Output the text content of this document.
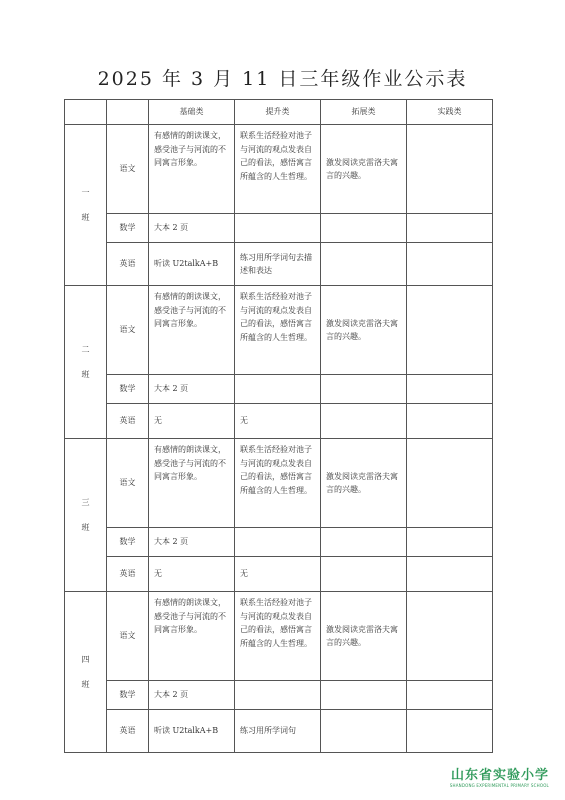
2025 年 3 月 11 日三年级作业公示表
		基础类	提升类	拓展类	实践类

一
班	语文	有感情的朗读课文，感受池子与河流的不同寓言形象。	联系生活经验对池子与河流的观点发表自己的看法，感悟寓言所蕴含的人生哲理。	激发阅读克雷洛夫寓言的兴趣。	
	数学	大本 2 页			
	英语	听读 U2talkA+B	练习用所学词句去描述和表达		

二
班	语文	有感情的朗读课文，感受池子与河流的不同寓言形象。	联系生活经验对池子与河流的观点发表自己的看法，感悟寓言所蕴含的人生哲理。	激发阅读克雷洛夫寓言的兴趣。	
	数学	大本 2 页			
	英语	无	无		

三
班	语文	有感情的朗读课文，感受池子与河流的不同寓言形象。	联系生活经验对池子与河流的观点发表自己的看法，感悟寓言所蕴含的人生哲理。	激发阅读克雷洛夫寓言的兴趣。	
	数学	大本 2 页			
	英语	无	无		

四
班	语文	有感情的朗读课文，感受池子与河流的不同寓言形象。	联系生活经验对池子与河流的观点发表自己的看法，感悟寓言所蕴含的人生哲理。	激发阅读克雷洛夫寓言的兴趣。	
	数学	大本 2 页			
	英语	听读 U2talkA+B	练习用所学词句		
山东省实验小学
SHANDONG EXPERIMENTAL PRIMARY SCHOOL
